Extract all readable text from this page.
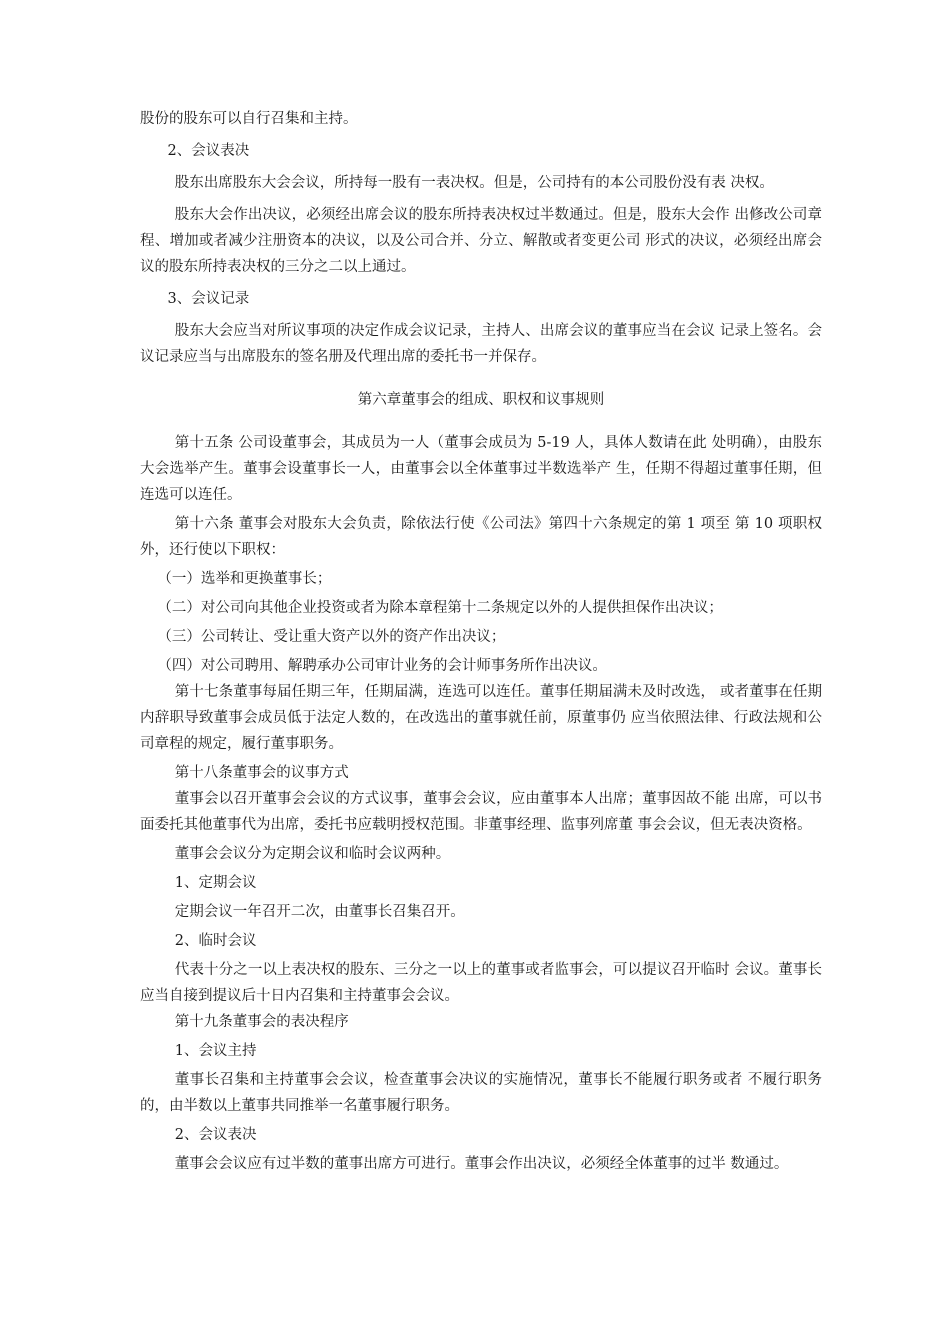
股份的股东可以自行召集和主持。

2、会议表决

股东出席股东大会会议，所持每一股有一表决权。但是，公司持有的本公司股份没有表 决权。

股东大会作出决议，必须经出席会议的股东所持表决权过半数通过。但是，股东大会作 出修改公司章程、增加或者减少注册资本的决议，以及公司合并、分立、解散或者变更公司 形式的决议，必须经出席会议的股东所持表决权的三分之二以上通过。

3、会议记录

股东大会应当对所议事项的决定作成会议记录，主持人、出席会议的董事应当在会议 记录上签名。会议记录应当与出席股东的签名册及代理出席的委托书一并保存。

第六章董事会的组成、职权和议事规则

第十五条 公司设董事会，其成员为一人（董事会成员为 5-19 人，具体人数请在此 处明确），由股东大会选举产生。董事会设董事长一人，由董事会以全体董事过半数选举产 生，任期不得超过董事任期，但连选可以连任。

第十六条 董事会对股东大会负责，除依法行使《公司法》第四十六条规定的第 1 项至 第 10 项职权外，还行使以下职权：

（一）选举和更换董事长；

（二）对公司向其他企业投资或者为除本章程第十二条规定以外的人提供担保作出决议；

（三）公司转让、受让重大资产以外的资产作出决议；

（四）对公司聘用、解聘承办公司审计业务的会计师事务所作出决议。

第十七条董事每届任期三年，任期届满，连选可以连任。董事任期届满未及时改选， 或者董事在任期内辞职导致董事会成员低于法定人数的，在改选出的董事就任前，原董事仍 应当依照法律、行政法规和公司章程的规定，履行董事职务。

第十八条董事会的议事方式

董事会以召开董事会会议的方式议事，董事会会议，应由董事本人出席；董事因故不能 出席，可以书面委托其他董事代为出席，委托书应载明授权范围。非董事经理、监事列席董 事会会议，但无表决资格。

董事会会议分为定期会议和临时会议两种。

1、定期会议

定期会议一年召开二次，由董事长召集召开。

2、临时会议

代表十分之一以上表决权的股东、三分之一以上的董事或者监事会，可以提议召开临时 会议。董事长应当自接到提议后十日内召集和主持董事会会议。

第十九条董事会的表决程序

1、会议主持

董事长召集和主持董事会会议，检查董事会决议的实施情况，董事长不能履行职务或者 不履行职务的，由半数以上董事共同推举一名董事履行职务。

2、会议表决

董事会会议应有过半数的董事出席方可进行。董事会作出决议，必须经全体董事的过半 数通过。
